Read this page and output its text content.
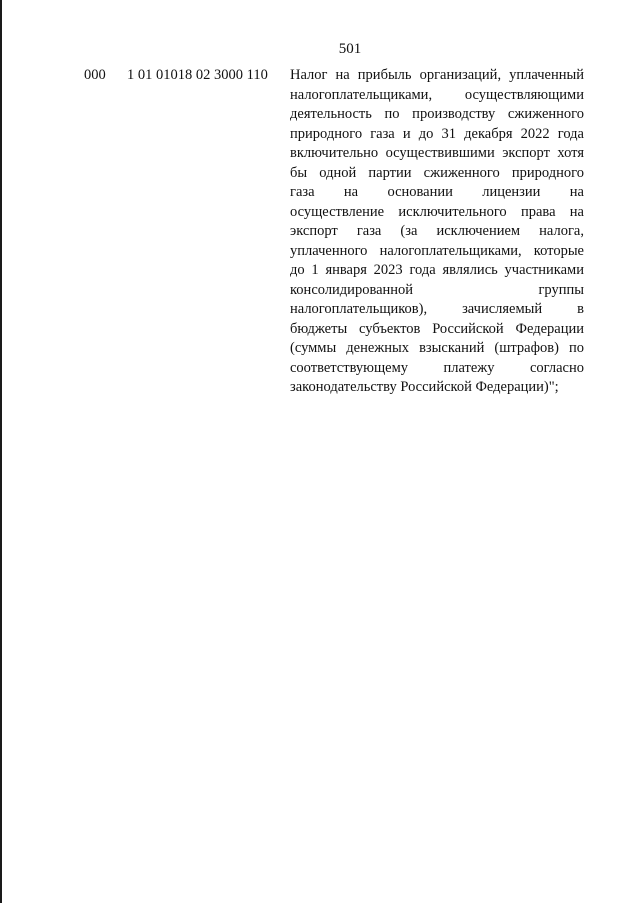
501
000 1 01 01018 02 3000 110 Налог на прибыль организаций, уплаченный
налогоплательщиками, осуществляющими
деятельность по производству сжиженного
природного газа и до 31 декабря 2022 года
включительно осуществившими экспорт хотя
бы одной партии сжиженного природного
газа на основании лицензии на
осуществление исключительного права на
экспорт газа (за исключением налога,
уплаченного налогоплательщиками, которые
до 1 января 2023 года являлись участниками
консолидированной группы
налогоплательщиков), зачисляемый в
бюджеты субъектов Российской Федерации
(суммы денежных взысканий (штрафов) по
соответствующему платежу согласно
законодательству Российской Федерации)";
